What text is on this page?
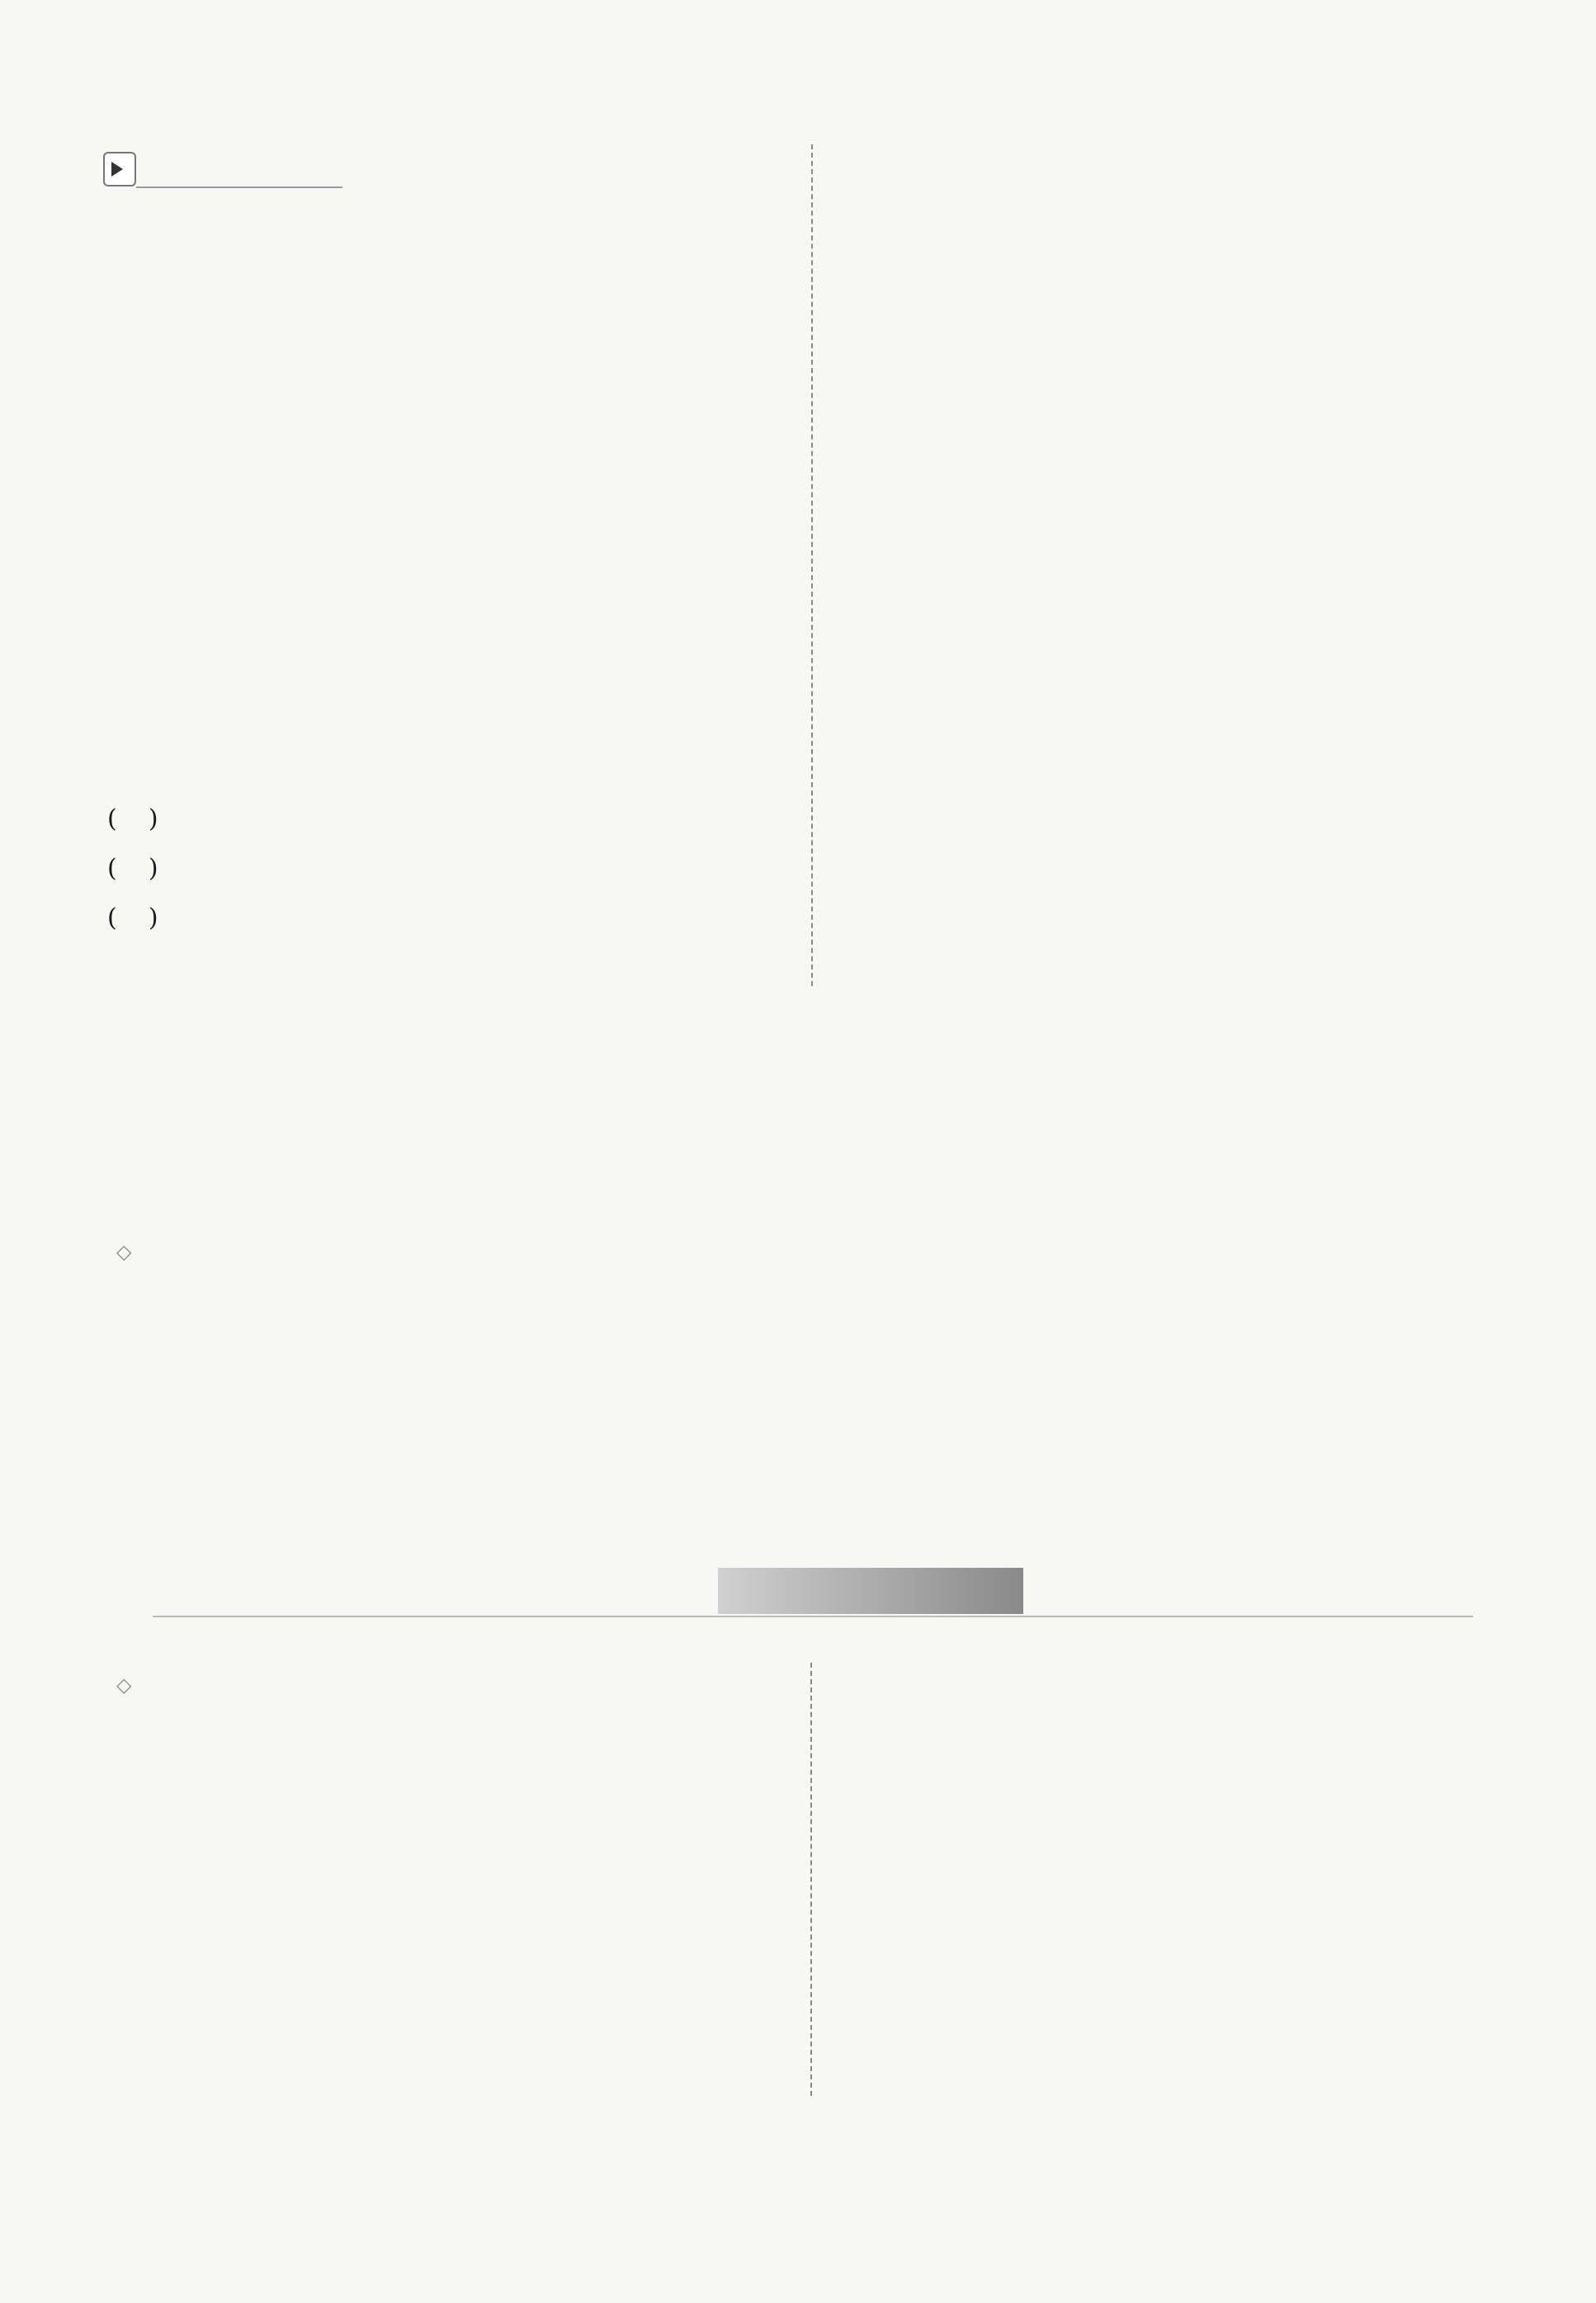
(    )
(    )
(    )
◇
◇
